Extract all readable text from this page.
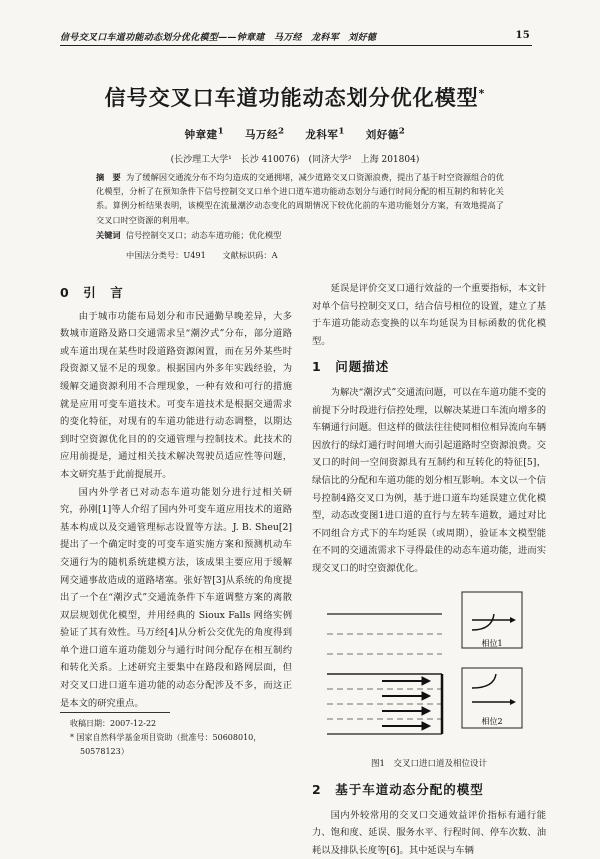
信号交叉口车道功能动态划分优化模型——钟章建　马万经　龙科军　刘好德	15
信号交叉口车道功能动态划分优化模型*
钟章建$^1$ 马万经$^2$ 龙科军$^1$ 刘好德$^2$
(长沙理工大学¹　长沙 410076)　(同济大学²　上海 201804)
摘　要 为了缓解因交通流分布不均匀造成的交通拥堵，减少道路交叉口资源浪费，提出了基于时空资源组合的优化模型，分析了在预知条件下信号控制交叉口单个进口道车道功能动态划分与通行时间分配的相互制约和转化关系。算例分析结果表明，该模型在流量潮汐动态变化的周期情况下较优化前的车道功能划分方案，有效地提高了交叉口时空资源的利用率。
关键词 信号控制交叉口；动态车道功能；优化模型
中国法分类号：U491 文献标识码：A
0　引　言

由于城市功能布局划分和市民通勤早晚差异，大多数城市道路及路口交通需求呈“潮汐式”分布，部分道路或车道出现在某些时段道路资源闲置，而在另外某些时段资源又显不足的现象。根据国内外多年实践经验，为缓解交通资源利用不合理现象，一种有效和可行的措施就是应用可变车道技术。可变车道技术是根据交通需求的变化特征，对现有的车道功能进行动态调整，以期达到时空资源优化目的的交通管理与控制技术。此技术的应用前提是，通过相关技术解决驾驶员适应性等问题，本文研究基于此前提展开。

国内外学者已对动态车道功能划分进行过相关研究，孙刚[1]等人介绍了国内外可变车道应用技术的道路基本构成以及交通管理标志设置等方法。J. B. Sheu[2]提出了一个确定时变的可变车道实施方案和预测机动车交通行为的随机系统建模方法，该成果主要应用于缓解网交通事故造成的道路堵塞。张好智[3]从系统的角度提出了一个在“潮汐式”交通流条件下车道调整方案的离散双层规划优化模型，并用经典的 Sioux Falls 网络实例验证了其有效性。马万经[4]从分析公交优先的角度得到单个进口道车道功能划分与通行时间分配存在相互制约和转化关系。上述研究主要集中在路段和路网层面，但对交叉口进口道车道功能的动态分配涉及不多，而这正是本文的研究重点。

延误是评价交叉口通行效益的一个重要指标，本文针对单个信号控制交叉口，结合信号相位的设置，建立了基于车道功能动态变换的以车均延误为目标函数的优化模型。

1　问题描述

为解决“潮汐式”交通流问题，可以在车道功能不变的前提下分时段进行信控处理，以解决某进口车流向增多的车辆通行问题。但这样的做法往往使同相位相异流向车辆因放行的绿灯通行时间增大而引起道路时空资源浪费。交叉口的时间一空间资源具有互制约和互转化的特征[5]，绿信比的分配和车道功能的划分相互影响。本文以一个信号控制4路交叉口为例，基于进口道车均延误建立优化模型，动态改变图1进口道的直行与左转车道数，通过对比不同组合方式下的车均延误（或周期），验证本文模型能在不同的交通流需求下寻得最佳的动态车道功能，进而实现交叉口的时空资源优化。

相位1
相位2
图1　交叉口进口道及相位设计
2　基于车道动态分配的模型

国内外较常用的交叉口交通效益评价指标有通行能力、饱和度、延误、服务水平、行程时间、停车次数、油耗以及排队长度等[6]。其中延误与车辆

收稿日期：2007-12-22
* 国家自然科学基金项目资助（批准号：50608010，50578123）
